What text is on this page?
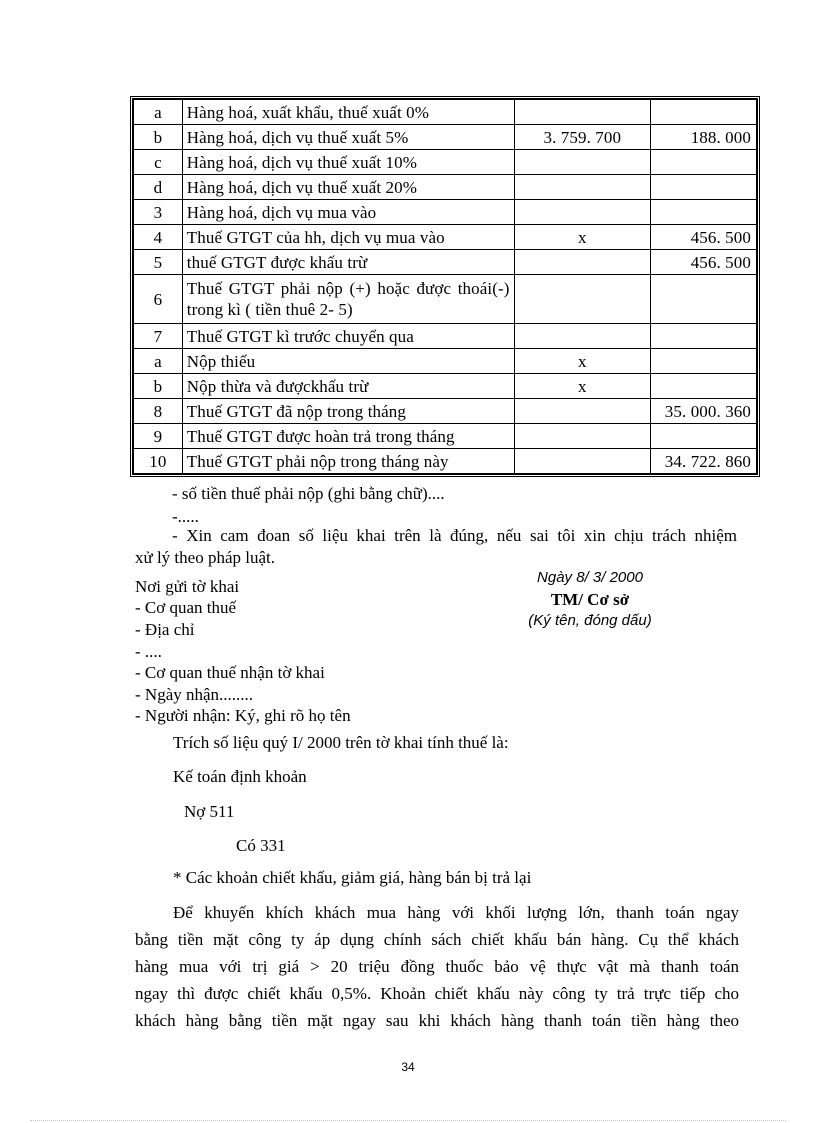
a	Hàng hoá, xuất khẩu, thuế xuất 0%		
b	Hàng hoá, dịch vụ thuế xuất 5%	3. 759. 700	188. 000
c	Hàng hoá, dịch vụ thuế xuất 10%		
d	Hàng hoá, dịch vụ thuế xuất 20%		
3	Hàng hoá, dịch vụ mua vào		
4	Thuế GTGT của hh, dịch vụ mua vào	x	456. 500
5	thuế GTGT được khấu trừ		456. 500
6	Thuế GTGT phải nộp (+) hoặc được thoái(-) trong kì ( tiền thuê 2- 5)		
7	Thuế GTGT kì trước chuyển qua		
a	Nộp thiếu	x	
b	Nộp thừa và đượckhấu trừ	x	
8	Thuế GTGT đã nộp trong tháng		35. 000. 360
9	Thuế GTGT được hoàn trả trong tháng		
10	Thuế GTGT phải nộp trong tháng này		34. 722. 860

- số tiền thuế phải nộp (ghi bằng chữ)....

-.....

- Xin cam đoan số liệu khai trên là đúng, nếu sai tôi xin chịu trách nhiệm

xử lý theo pháp luật.

Nơi gửi tờ khai

- Cơ quan thuế

- Địa chỉ

- ....

- Cơ quan thuế nhận tờ khai

- Ngày nhận........

- Người nhận: Ký, ghi rõ họ tên

Ngày 8/ 3/ 2000

TM/ Cơ sở

(Ký tên, đóng dấu)

Trích số liệu quý I/ 2000 trên tờ khai tính thuế là:

Kế toán định khoản

Nợ 511

Có 331

* Các khoản chiết khấu, giảm giá, hàng bán bị trả lại

Để khuyến khích khách mua hàng với khối lượng lớn, thanh toán ngay

bằng tiền mặt công ty áp dụng chính sách chiết khấu bán hàng. Cụ thể khách

hàng mua với trị giá > 20 triệu đồng thuốc bảo vệ thực vật mà thanh toán

ngay thì được chiết khấu 0,5%. Khoản chiết khấu này công ty trả trực tiếp cho

khách hàng bằng tiền mặt ngay sau khi khách hàng thanh toán tiền hàng theo

34
